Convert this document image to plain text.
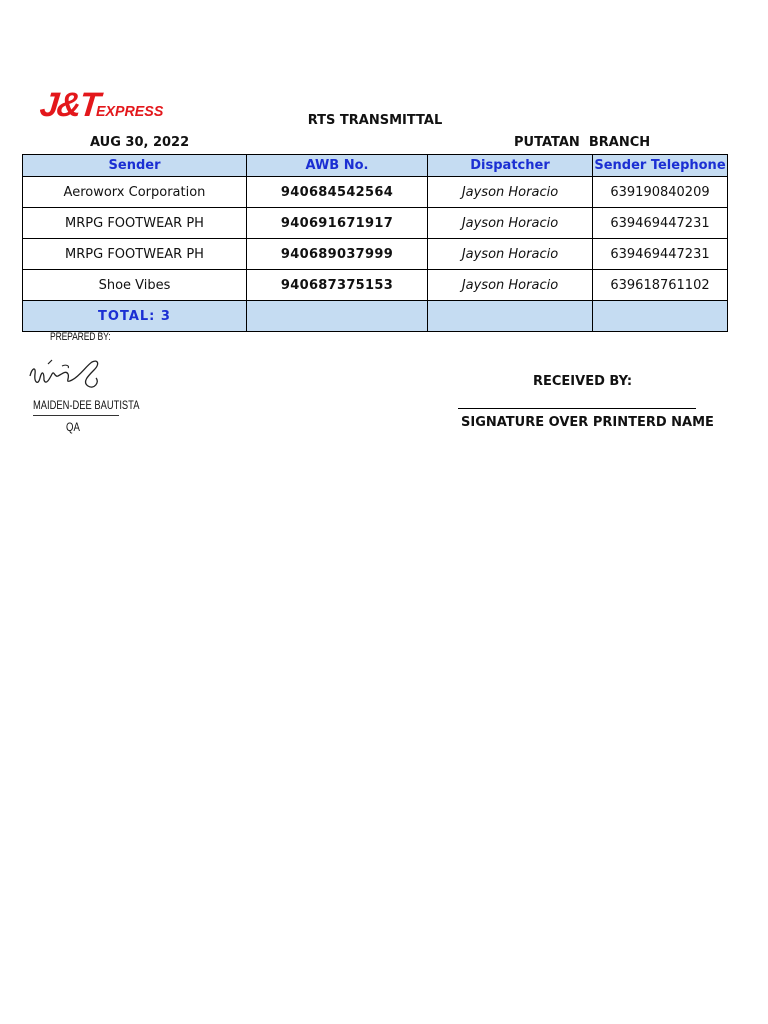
J&T
EXPRESS
RTS TRANSMITTAL
AUG 30, 2022	PUTATAN  BRANCH
Sender	AWB No.	Dispatcher	Sender Telephone
Aeroworx Corporation	940684542564	Jayson Horacio	639190840209
MRPG FOOTWEAR PH	940691671917	Jayson Horacio	639469447231
MRPG FOOTWEAR PH	940689037999	Jayson Horacio	639469447231
Shoe Vibes	940687375153	Jayson Horacio	639618761102
TOTAL: 3			
PREPARED BY:
MAIDEN-DEE BAUTISTA
QA
RECEIVED BY:
SIGNATURE OVER PRINTERD NAME
